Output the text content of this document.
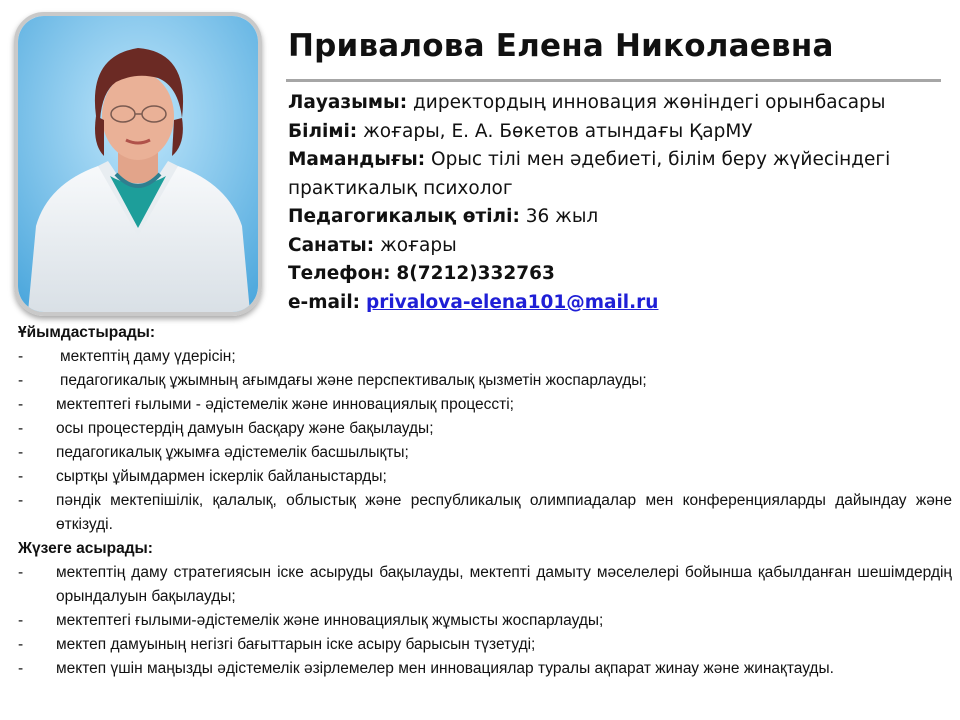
Привалова Елена Николаевна
Лауазымы: директордың инновация жөніндегі орынбасары
Білімі: жоғары, Е. А. Бөкетов атындағы ҚарМУ
Мамандығы: Орыс тілі мен әдебиеті, білім беру жүйесіндегі практикалық психолог
Педагогикалық өтілі: 36 жыл
Санаты: жоғары
Телефон: 8(7212)332763
e-mail: privalova-elena101@mail.ru
Ұйымдастырады:
- мектептің даму үдерісін;
- педагогикалық ұжымның ағымдағы және перспективалық қызметін жоспарлауды;
- мектептегі ғылыми - әдістемелік және инновациялық процессті;
- осы процестердің дамуын басқару және бақылауды;
- педагогикалық ұжымға әдістемелік басшылықты;
- сыртқы ұйымдармен іскерлік байланыстарды;
- пәндік мектепішілік, қалалық, облыстық және республикалық олимпиадалар мен конференцияларды дайындау және өткізуді.
Жүзеге асырады:
- мектептің даму стратегиясын іске асыруды бақылауды, мектепті дамыту мәселелері бойынша қабылданған шешімдердің орындалуын бақылауды;
- мектептегі ғылыми-әдістемелік және инновациялық жұмысты жоспарлауды;
- мектеп дамуының негізгі бағыттарын іске асыру барысын түзетуді;
- мектеп үшін маңызды әдістемелік әзірлемелер мен инновациялар туралы ақпарат жинау және жинақтауды.
